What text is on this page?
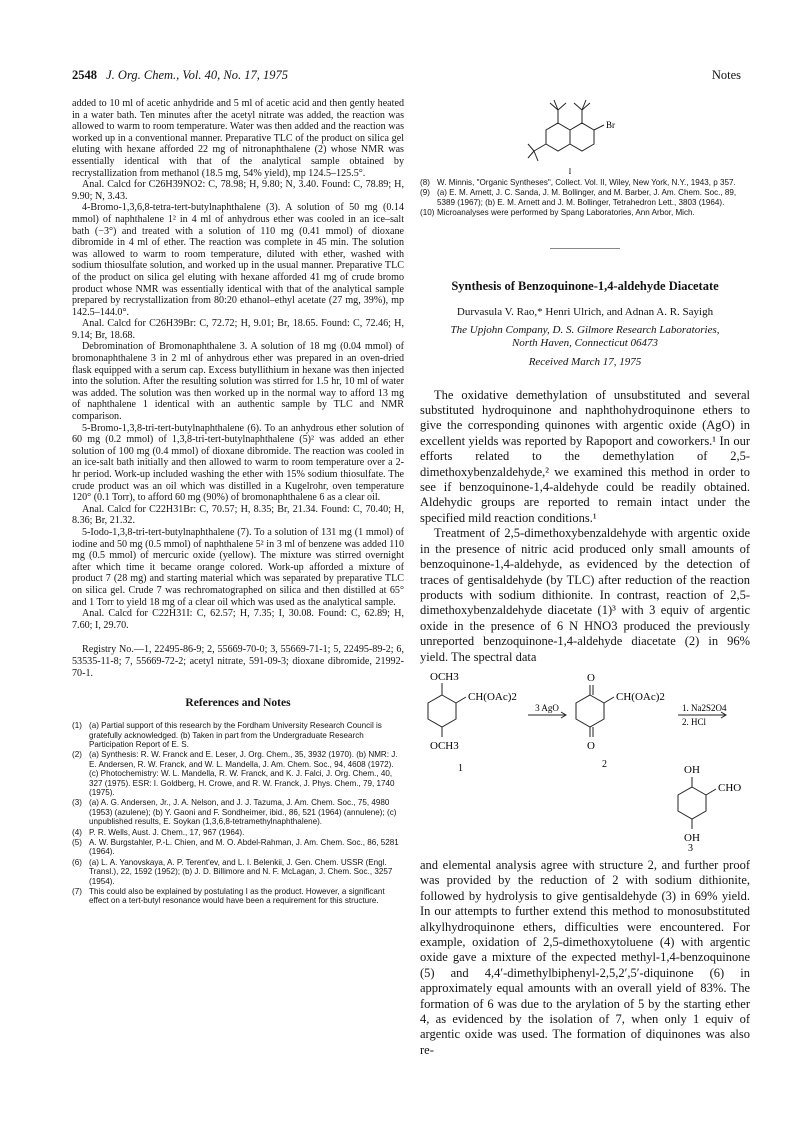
2548 J. Org. Chem., Vol. 40, No. 17, 1975	Notes

added to 10 ml of acetic anhydride and 5 ml of acetic acid and then gently heated in a water bath. Ten minutes after the acetyl nitrate was added, the reaction was allowed to warm to room temperature. Water was then added and the reaction was worked up in a conventional manner. Preparative TLC of the product on silica gel eluting with hexane afforded 22 mg of nitronaphthalene (2) whose NMR was essentially identical with that of the analytical sample obtained by recrystallization from methanol (18.5 mg, 54% yield), mp 124.5–125.5°.

Anal. Calcd for C26H39NO2: C, 78.98; H, 9.80; N, 3.40. Found: C, 78.89; H, 9.90; N, 3.43.

4-Bromo-1,3,6,8-tetra-tert-butylnaphthalene (3). A solution of 50 mg (0.14 mmol) of naphthalene 1² in 4 ml of anhydrous ether was cooled in an ice–salt bath (−3°) and treated with a solution of 110 mg (0.41 mmol) of dioxane dibromide in 4 ml of ether. The reaction was complete in 45 min. The solution was allowed to warm to room temperature, diluted with ether, washed with sodium thiosulfate solution, and worked up in the usual manner. Preparative TLC of the product on silica gel eluting with hexane afforded 41 mg of crude bromo product whose NMR was essentially identical with that of the analytical sample prepared by recrystallization from 80:20 ethanol–ethyl acetate (27 mg, 39%), mp 142.5–144.0°.

Anal. Calcd for C26H39Br: C, 72.72; H, 9.01; Br, 18.65. Found: C, 72.46; H, 9.14; Br, 18.68.

Debromination of Bromonaphthalene 3. A solution of 18 mg (0.04 mmol) of bromonaphthalene 3 in 2 ml of anhydrous ether was prepared in an oven-dried flask equipped with a serum cap. Excess butyllithium in hexane was then injected into the solution. After the resulting solution was stirred for 1.5 hr, 10 ml of water was added. The solution was then worked up in the normal way to afford 13 mg of naphthalene 1 identical with an authentic sample by TLC and NMR comparison.

5-Bromo-1,3,8-tri-tert-butylnaphthalene (6). To an anhydrous ether solution of 60 mg (0.2 mmol) of 1,3,8-tri-tert-butylnaphthalene (5)² was added an ether solution of 100 mg (0.4 mmol) of dioxane dibromide. The reaction was cooled in an ice-salt bath initially and then allowed to warm to room temperature over a 2-hr period. Work-up included washing the ether with 15% sodium thiosulfate. The crude product was an oil which was distilled in a Kugelrohr, oven temperature 120° (0.1 Torr), to afford 60 mg (90%) of bromonaphthalene 6 as a clear oil.

Anal. Calcd for C22H31Br: C, 70.57; H, 8.35; Br, 21.34. Found: C, 70.40; H, 8.36; Br, 21.32.

5-Iodo-1,3,8-tri-tert-butylnaphthalene (7). To a solution of 131 mg (1 mmol) of iodine and 50 mg (0.5 mmol) of naphthalene 5² in 3 ml of benzene was added 110 mg (0.5 mmol) of mercuric oxide (yellow). The mixture was stirred overnight after which time it became orange colored. Work-up afforded a mixture of product 7 (28 mg) and starting material which was separated by preparative TLC on silica gel. Crude 7 was rechromatographed on silica and then distilled at 65° and 1 Torr to yield 18 mg of a clear oil which was used as the analytical sample.

Anal. Calcd for C22H31I: C, 62.57; H, 7.35; I, 30.08. Found: C, 62.89; H, 7.60; I, 29.70.

Registry No.—1, 22495-86-9; 2, 55669-70-0; 3, 55669-71-1; 5, 22495-89-2; 6, 53535-11-8; 7, 55669-72-2; acetyl nitrate, 591-09-3; dioxane dibromide, 21992-70-1.

References and Notes
(1) (a) Partial support of this research by the Fordham University Research Council is gratefully acknowledged. (b) Taken in part from the Undergraduate Research Participation Report of E. S.
(2) (a) Synthesis: R. W. Franck and E. Leser, J. Org. Chem., 35, 3932 (1970). (b) NMR: J. E. Andersen, R. W. Franck, and W. L. Mandella, J. Am. Chem. Soc., 94, 4608 (1972). (c) Photochemistry: W. L. Mandella, R. W. Franck, and K. J. Falci, J. Org. Chem., 40, 327 (1975). ESR: I. Goldberg, H. Crowe, and R. W. Franck, J. Phys. Chem., 79, 1740 (1975).
(3) (a) A. G. Andersen, Jr., J. A. Nelson, and J. J. Tazuma, J. Am. Chem. Soc., 75, 4980 (1953) (azulene); (b) Y. Gaoni and F. Sondheimer, ibid., 86, 521 (1964) (annulene); (c) unpublished results, E. Soykan (1,3,6,8-tetramethylnaphthalene).
(4) P. R. Wells, Aust. J. Chem., 17, 967 (1964).
(5) A. W. Burgstahler, P.-L. Chien, and M. O. Abdel-Rahman, J. Am. Chem. Soc., 86, 5281 (1964).
(6) (a) L. A. Yanovskaya, A. P. Terent'ev, and L. I. Belenkii, J. Gen. Chem. USSR (Engl. Transl.), 22, 1592 (1952); (b) J. D. Billimore and N. F. McLagan, J. Chem. Soc., 3257 (1954).
(7) This could also be explained by postulating I as the product. However, a significant effect on a tert-butyl resonance would have been a requirement for this structure.
Br
I
(8) W. Minnis, "Organic Syntheses", Collect. Vol. II, Wiley, New York, N.Y., 1943, p 357.
(9) (a) E. M. Arnett, J. C. Sanda, J. M. Bollinger, and M. Barber, J. Am. Chem. Soc., 89, 5389 (1967); (b) E. M. Arnett and J. M. Bollinger, Tetrahedron Lett., 3803 (1964).
(10) Microanalyses were performed by Spang Laboratories, Ann Arbor, Mich.

Synthesis of Benzoquinone-1,4-aldehyde Diacetate

Durvasula V. Rao,* Henri Ulrich, and Adnan A. R. Sayigh
The Upjohn Company, D. S. Gilmore Research Laboratories,
North Haven, Connecticut 06473
Received March 17, 1975

The oxidative demethylation of unsubstituted and several substituted hydroquinone and naphthohydroquinone ethers to give the corresponding quinones with argentic oxide (AgO) in excellent yields was reported by Rapoport and coworkers.¹ In our efforts related to the demethylation of 2,5-dimethoxybenzaldehyde,² we examined this method in order to see if benzoquinone-1,4-aldehyde could be readily obtained. Aldehydic groups are reported to remain intact under the specified mild reaction conditions.¹

Treatment of 2,5-dimethoxybenzaldehyde with argentic oxide in the presence of nitric acid produced only small amounts of benzoquinone-1,4-aldehyde, as evidenced by the detection of traces of gentisaldehyde (by TLC) after reduction of the reaction products with sodium dithionite. In contrast, reaction of 2,5-dimethoxybenzaldehyde diacetate (1)³ with 3 equiv of argentic oxide in the presence of 6 N HNO3 produced the previously unreported benzoquinone-1,4-aldehyde diacetate (2) in 96% yield. The spectral data

OCH3
CH(OAc)2
OCH3
3 AgO
1
O
CH(OAc)2
O
2
1. Na2S2O4
2. HCl
OH
CHO
OH
3

and elemental analysis agree with structure 2, and further proof was provided by the reduction of 2 with sodium dithionite, followed by hydrolysis to give gentisaldehyde (3) in 69% yield. In our attempts to further extend this method to monosubstituted alkylhydroquinone ethers, difficulties were encountered. For example, oxidation of 2,5-dimethoxytoluene (4) with argentic oxide gave a mixture of the expected methyl-1,4-benzoquinone (5) and 4,4′-dimethylbiphenyl-2,5,2′,5′-diquinone (6) in approximately equal amounts with an overall yield of 83%. The formation of 6 was due to the arylation of 5 by the starting ether 4, as evidenced by the isolation of 7, when only 1 equiv of argentic oxide was used. The formation of diquinones was also re-
